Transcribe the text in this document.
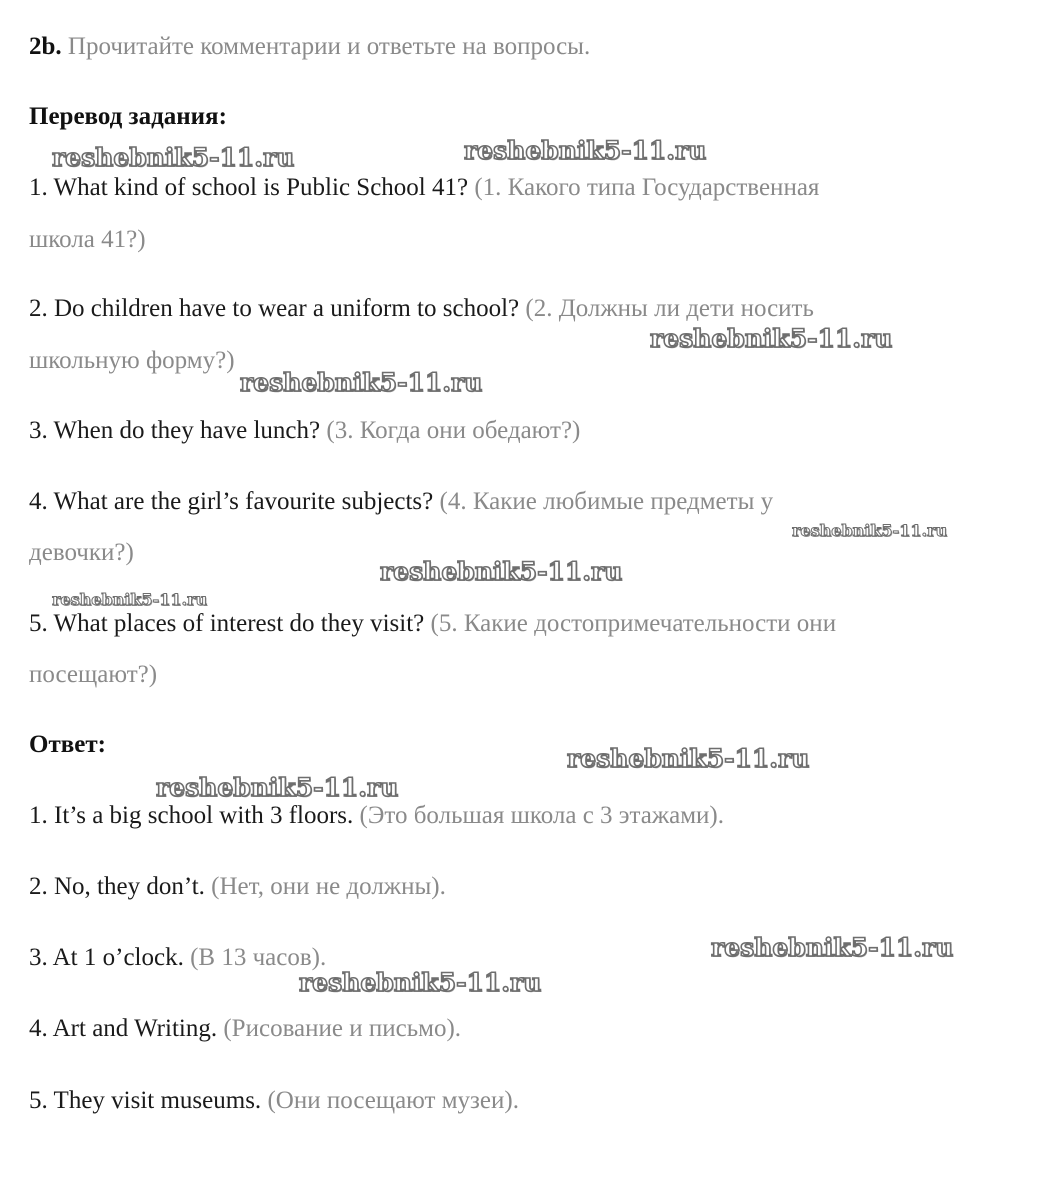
2b. Прочитайте комментарии и ответьте на вопросы.
Перевод задания:
1. What kind of school is Public School 41? (1. Какого типа Государственная
школа 41?)
2. Do children have to wear a uniform to school? (2. Должны ли дети носить
школьную форму?)
3. When do they have lunch? (3. Когда они обедают?)
4. What are the girl’s favourite subjects? (4. Какие любимые предметы у
девочки?)
5. What places of interest do they visit? (5. Какие достопримечательности они
посещают?)
Ответ:
1. It’s a big school with 3 floors. (Это большая школа с 3 этажами).
2. No, they don’t. (Нет, они не должны).
3. At 1 o’clock. (В 13 часов).
4. Art and Writing. (Рисование и письмо).
5. They visit museums. (Они посещают музеи).
reshebnik5-11.ru	reshebnik5-11.ru
reshebnik5-11.ru
reshebnik5-11.ru
reshebnik5-11.ru
reshebnik5-11.ru
reshebnik5-11.ru
reshebnik5-11.ru
reshebnik5-11.ru
reshebnik5-11.ru
reshebnik5-11.ru
